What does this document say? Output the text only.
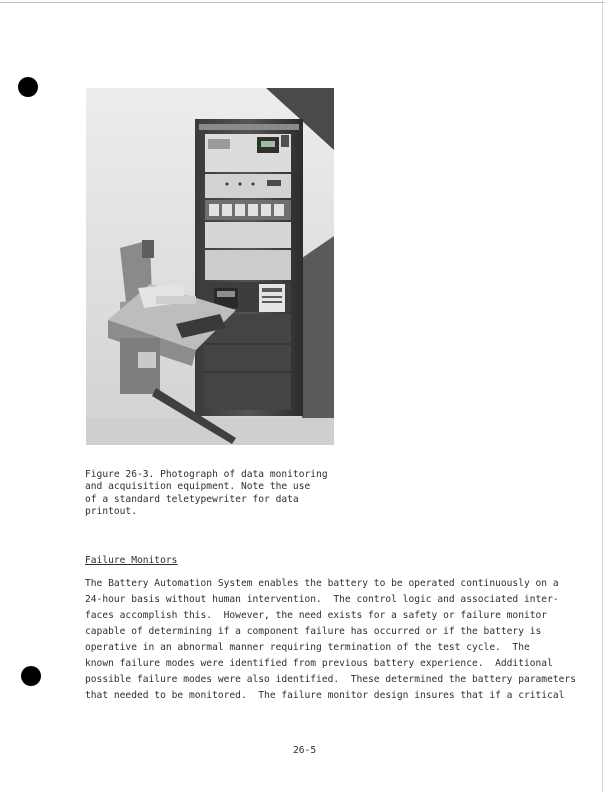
Figure 26-3. Photograph of data monitoring
and acquisition equipment. Note the use
of a standard teletypewriter for data
printout.
Failure Monitors
The Battery Automation System enables the battery to be operated continuously on a
24-hour basis without human intervention.  The control logic and associated inter-
faces accomplish this.  However, the need exists for a safety or failure monitor
capable of determining if a component failure has occurred or if the battery is
operative in an abnormal manner requiring termination of the test cycle.  The
known failure modes were identified from previous battery experience.  Additional
possible failure modes were also identified.  These determined the battery parameters
that needed to be monitored.  The failure monitor design insures that if a critical
26-5
